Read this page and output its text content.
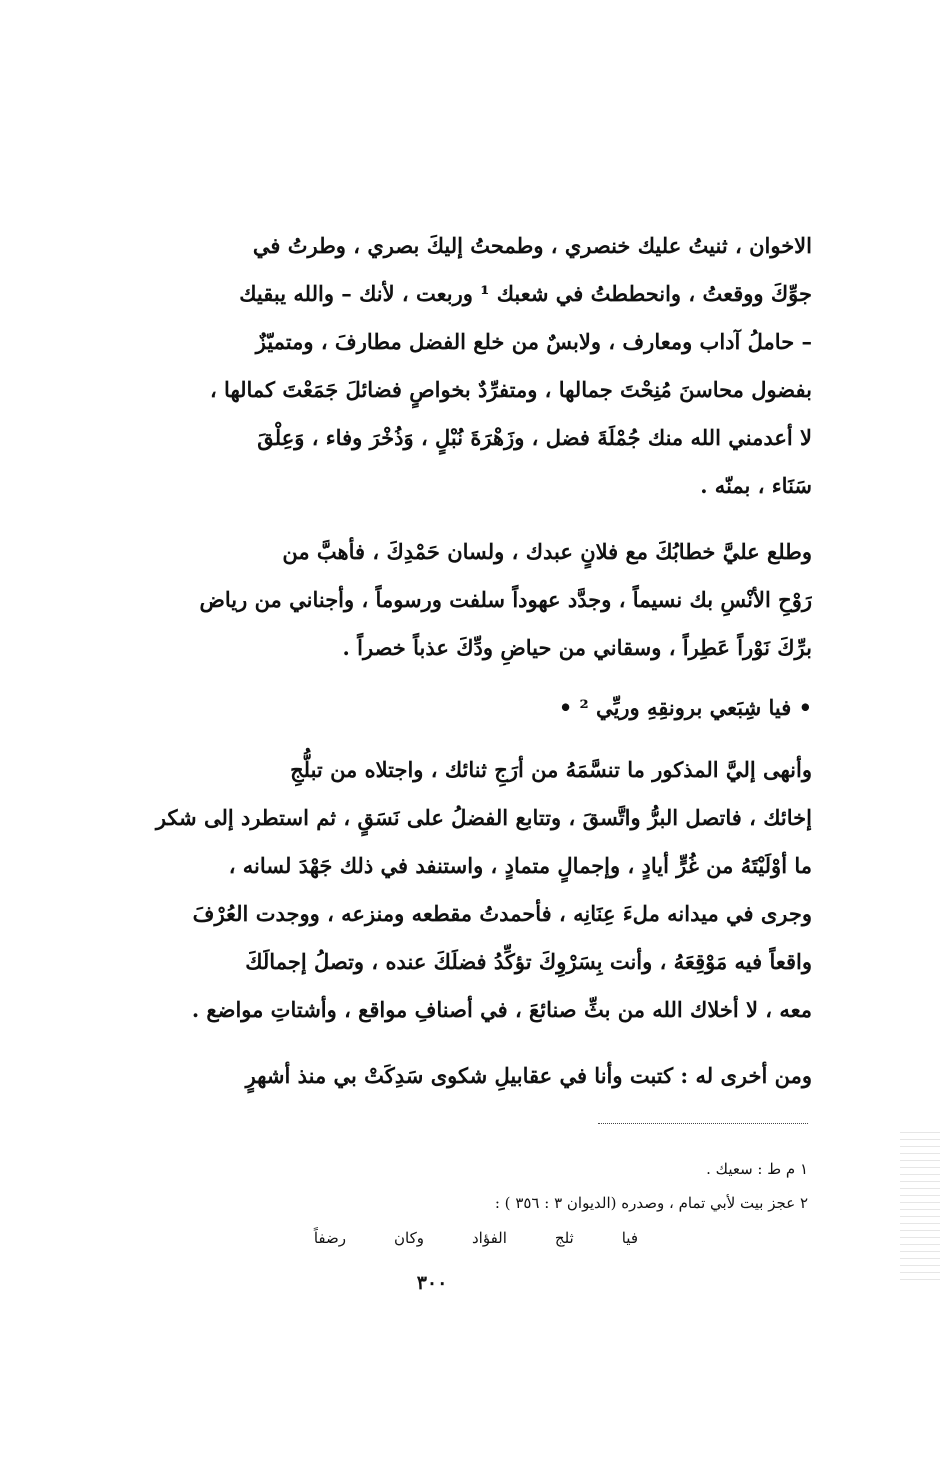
الاخوان ، ثنيتُ عليك خنصري ، وطمحتُ إليكَ بصري ، وطرتُ في
جوِّكَ ووقعتُ ، وانحططتُ في شعبك ¹ وربعت ، لأنك – والله يبقيك
– حاملُ آداب ومعارف ، ولابسٌ من خلع الفضل مطارفَ ، ومتميّزٌ
بفضول محاسنَ مُنِحْتَ جمالها ، ومتفرِّدٌ بخواصٍ فضائلَ جَمَعْتَ كمالها ،
لا أعدمني الله منك جُمْلَةَ فضل ، وزَهْرَةَ نُبْلٍ ، وَذُخْرَ وفاء ، وَعِلْقَ
سَنَاء ، بمنّه .
وطلع عليَّ خطابُكَ مع فلانٍ عبدك ، ولسان حَمْدِكَ ، فأهبَّ من
رَوْحِ الأنْسِ بك نسيماً ، وجدَّد عهوداً سلفت ورسوماً ، وأجناني من رياض
برِّكَ نَوْراً عَطِراً ، وسقاني من حياضِ ودِّكَ عذباً خصراً .
• فيا شِبَعي برونقِهِ وريِّي ² •
وأنهى إليَّ المذكور ما تنسَّمَهُ من أرَجِ ثنائك ، واجتلاه من تبلُّجِ
إخائك ، فاتصل البرُّ واتَّسقَ ، وتتابع الفضلُ على نَسَقٍ ، ثم استطرد إلى شكر
ما أوْلَيْتَهُ من غُرٍّ أيادٍ ، وإجمالٍ متمادٍ ، واستنفد في ذلك جَهْدَ لسانه ،
وجرى في ميدانه ملءَ عِنَانِه ، فأحمدتُ مقطعه ومنزعه ، ووجدت العُرْفَ
واقعاً فيه مَوْقِعَهُ ، وأنت بِسَرْوِكَ تؤكِّدُ فضلَكَ عنده ، وتصلُ إجمالَكَ
معه ، لا أخلاك الله من بثِّ صنائعَ ، في أصنافِ مواقع ، وأشتاتِ مواضع .
ومن أخرى له : كتبت وأنا في عقابيلِ شكوى سَدِكَتْ بي منذ أشهرٍ
١ م ط : سعيك .
٢ عجز بيت لأبي تمام ، وصدره (الديوان ٣ : ٣٥٦ ) :
فيا
ثلج
الفؤاد
وكان
رضفاً
٣٠٠
